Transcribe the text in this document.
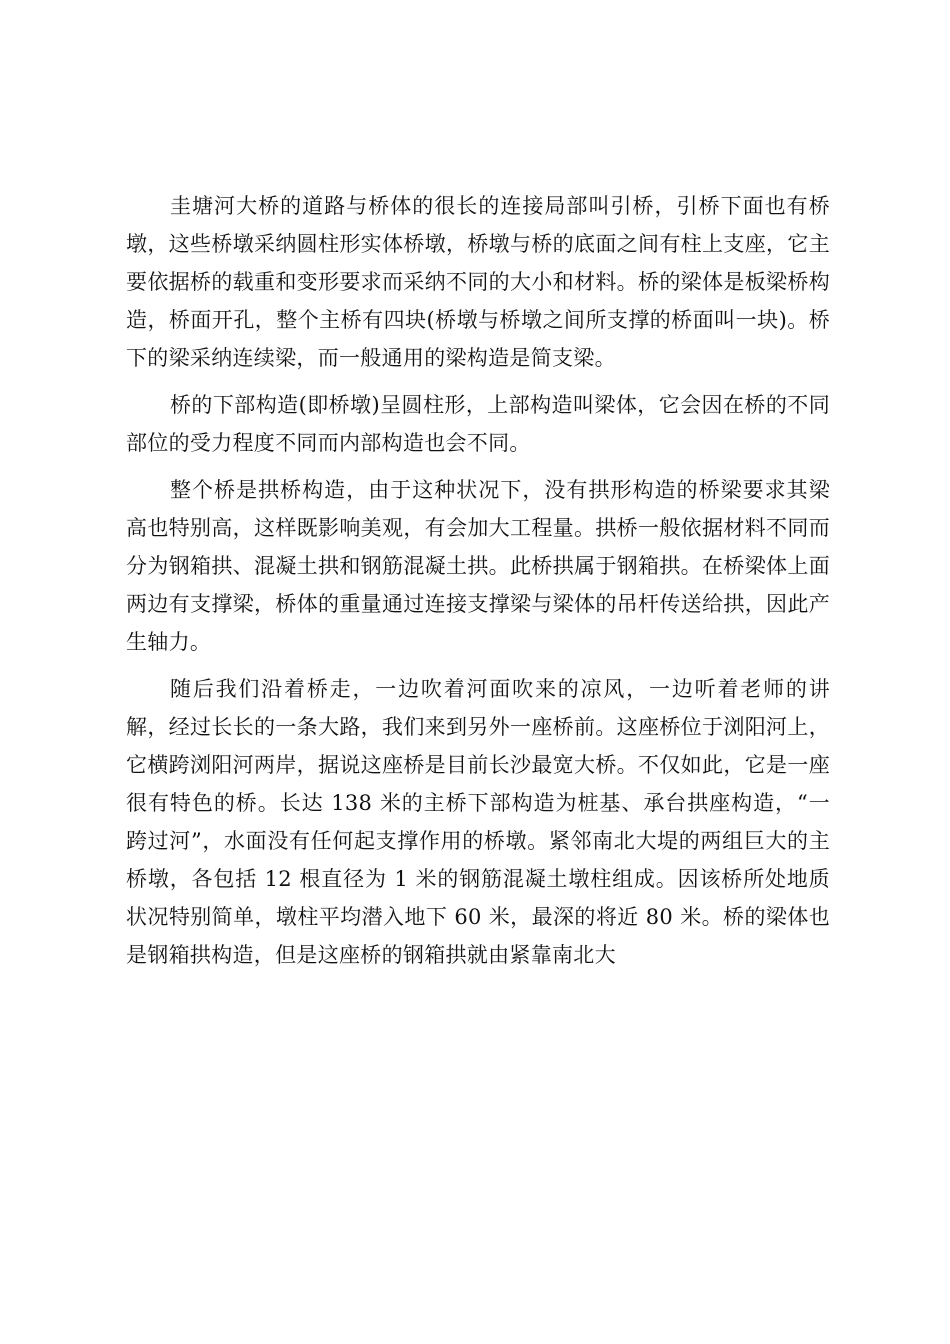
圭塘河大桥的道路与桥体的很长的连接局部叫引桥，引桥下面也有桥墩，这些桥墩采纳圆柱形实体桥墩，桥墩与桥的底面之间有柱上支座，它主要依据桥的载重和变形要求而采纳不同的大小和材料。桥的梁体是板梁桥构造，桥面开孔，整个主桥有四块(桥墩与桥墩之间所支撑的桥面叫一块)。桥下的梁采纳连续梁，而一般通用的梁构造是简支梁。

桥的下部构造(即桥墩)呈圆柱形，上部构造叫梁体，它会因在桥的不同部位的受力程度不同而内部构造也会不同。

整个桥是拱桥构造，由于这种状况下，没有拱形构造的桥梁要求其梁高也特别高，这样既影响美观，有会加大工程量。拱桥一般依据材料不同而分为钢箱拱、混凝土拱和钢筋混凝土拱。此桥拱属于钢箱拱。在桥梁体上面两边有支撑梁，桥体的重量通过连接支撑梁与梁体的吊杆传送给拱，因此产生轴力。

随后我们沿着桥走，一边吹着河面吹来的凉风，一边听着老师的讲解，经过长长的一条大路，我们来到另外一座桥前。这座桥位于浏阳河上，它横跨浏阳河两岸，据说这座桥是目前长沙最宽大桥。不仅如此，它是一座很有特色的桥。长达 138 米的主桥下部构造为桩基、承台拱座构造，“一跨过河”，水面没有任何起支撑作用的桥墩。紧邻南北大堤的两组巨大的主桥墩，各包括 12 根直径为 1 米的钢筋混凝土墩柱组成。因该桥所处地质状况特别简单，墩柱平均潜入地下 60 米，最深的将近 80 米。桥的梁体也是钢箱拱构造，但是这座桥的钢箱拱就由紧靠南北大
